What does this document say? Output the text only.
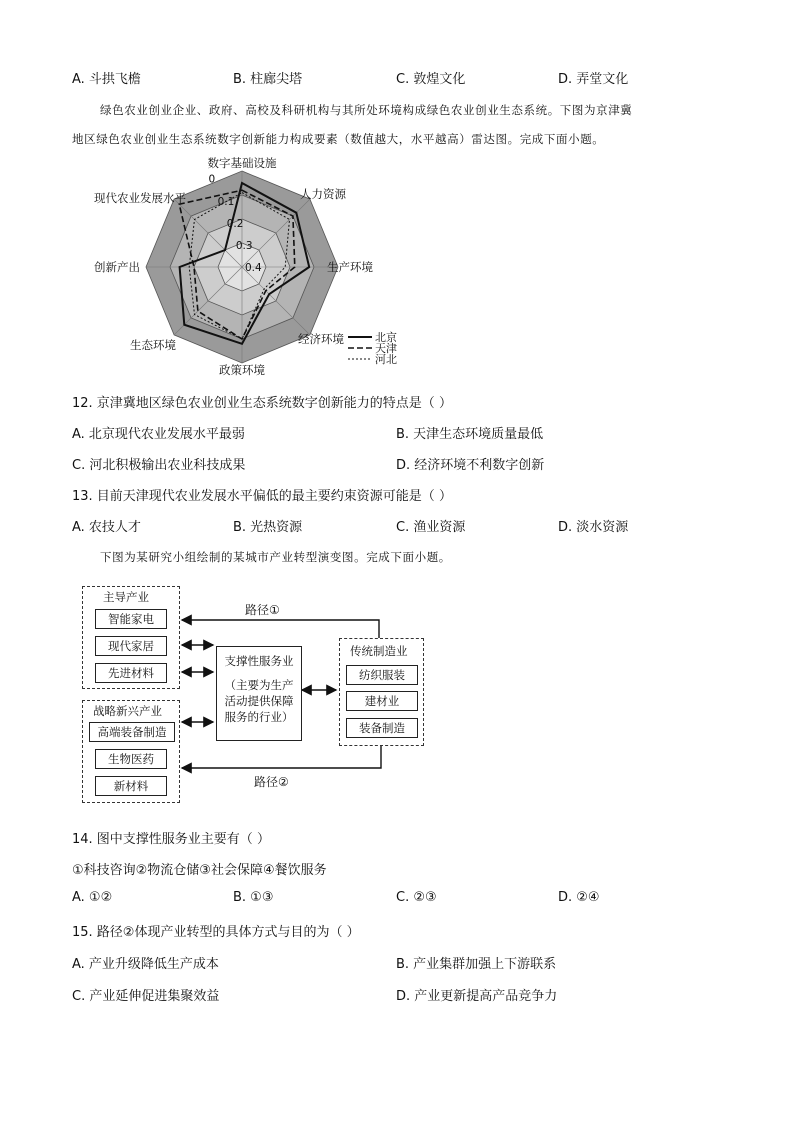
A. 斗拱飞檐	B. 柱廊尖塔	C. 敦煌文化	D. 弄堂文化
绿色农业创业企业、政府、高校及科研机构与其所处环境构成绿色农业创业生态系统。下图为京津冀
地区绿色农业创业生态系统数字创新能力构成要素（数值越大，水平越高）雷达图。完成下面小题。
数字基础设施
人力资源
生产环境
经济环境
政策环境
生态环境
创新产出
现代农业发展水平
0
0.1
0.2
0.3
0.4
北京
天津
河北
12. 京津冀地区绿色农业创业生态系统数字创新能力的特点是（ ）
A. 北京现代农业发展水平最弱	B. 天津生态环境质量最低
C. 河北积极输出农业科技成果	D. 经济环境不利数字创新
13. 目前天津现代农业发展水平偏低的最主要约束资源可能是（ ）
A. 农技人才	B. 光热资源	C. 渔业资源	D. 淡水资源
下图为某研究小组绘制的某城市产业转型演变图。完成下面小题。
主导产业
智能家电
现代家居
先进材料
战略新兴产业
高端装备制造
生物医药
新材料
支撑性服务业
（主要为生产
活动提供保障
服务的行业）
传统制造业
纺织服装
建材业
装备制造
路径①
路径②
14. 图中支撑性服务业主要有（ ）
①科技咨询②物流仓储③社会保障④餐饮服务
A. ①②	B. ①③	C. ②③	D. ②④
15. 路径②体现产业转型的具体方式与目的为（ ）
A. 产业升级降低生产成本	B. 产业集群加强上下游联系
C. 产业延伸促进集聚效益	D. 产业更新提高产品竞争力
